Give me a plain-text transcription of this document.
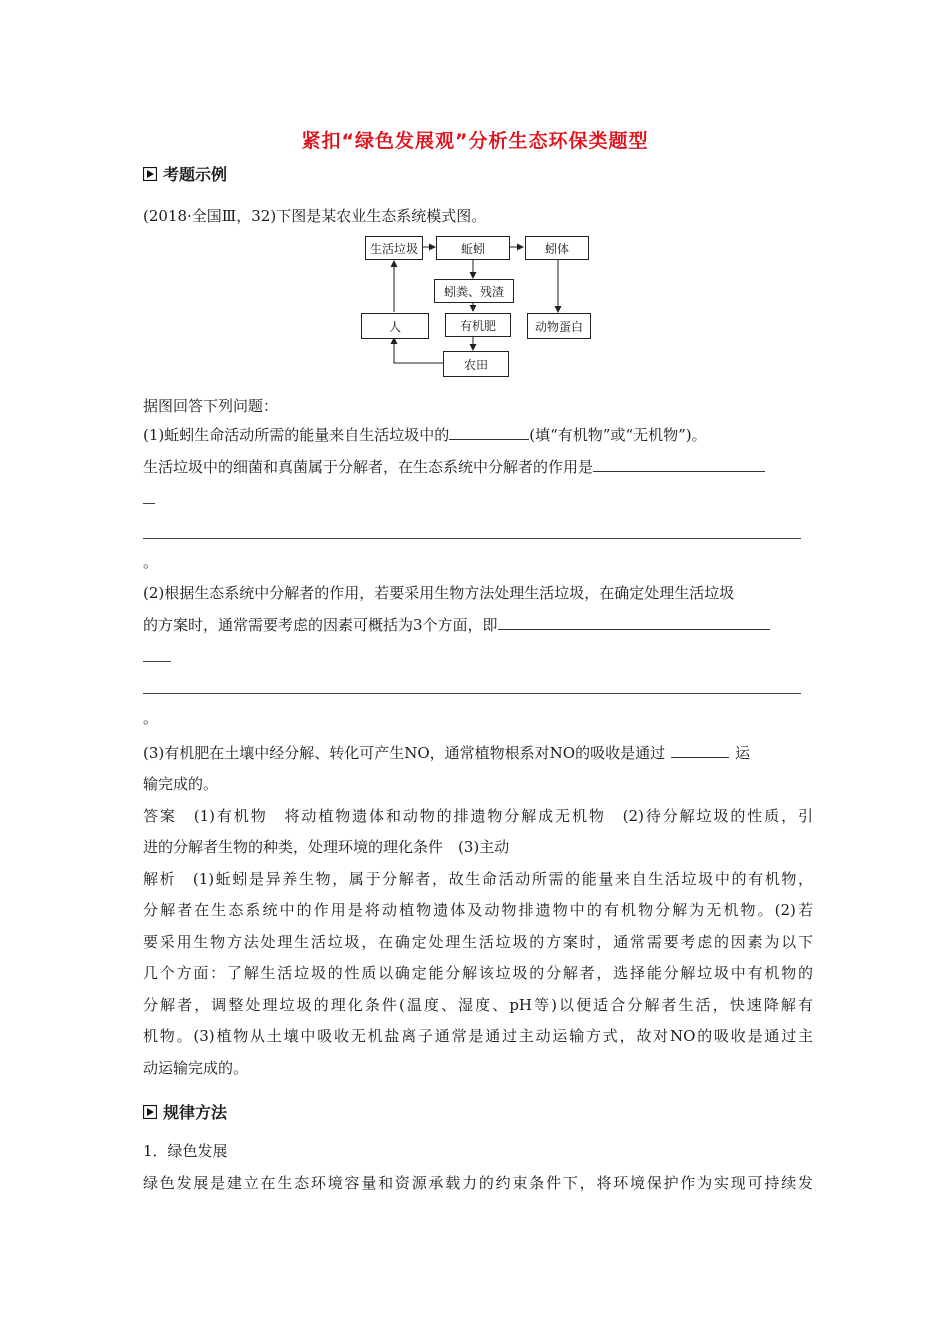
紧扣“绿色发展观”分析生态环保类题型
考题示例
(2018·全国Ⅲ，32)下图是某农业生态系统模式图。
生活垃圾	蚯蚓	蚓体
蚓粪、残渣
人	有机肥	动物蛋白
农田
据图回答下列问题：
(1)蚯蚓生命活动所需的能量来自生活垃圾中的	(填“有机物”或“无机物”)。
生活垃圾中的细菌和真菌属于分解者，在生态系统中分解者的作用是
。
(2)根据生态系统中分解者的作用，若要采用生物方法处理生活垃圾，在确定处理生活垃圾
的方案时，通常需要考虑的因素可概括为3个方面，即
。
(3)有机肥在土壤中经分解、转化可产生NO，通常植物根系对NO的吸收是通过	运
输完成的。
答案　(1)有机物　将动植物遗体和动物的排遗物分解成无机物　(2)待分解垃圾的性质，引
进的分解者生物的种类，处理环境的理化条件　(3)主动
解析　(1)蚯蚓是异养生物，属于分解者，故生命活动所需的能量来自生活垃圾中的有机物，
分解者在生态系统中的作用是将动植物遗体及动物排遗物中的有机物分解为无机物。(2)若
要采用生物方法处理生活垃圾，在确定处理生活垃圾的方案时，通常需要考虑的因素为以下
几个方面：了解生活垃圾的性质以确定能分解该垃圾的分解者，选择能分解垃圾中有机物的
分解者，调整处理垃圾的理化条件(温度、湿度、pH等)以便适合分解者生活，快速降解有
机物。(3)植物从土壤中吸收无机盐离子通常是通过主动运输方式，故对NO的吸收是通过主
动运输完成的。
规律方法
1．绿色发展
绿色发展是建立在生态环境容量和资源承载力的约束条件下，将环境保护作为实现可持续发
